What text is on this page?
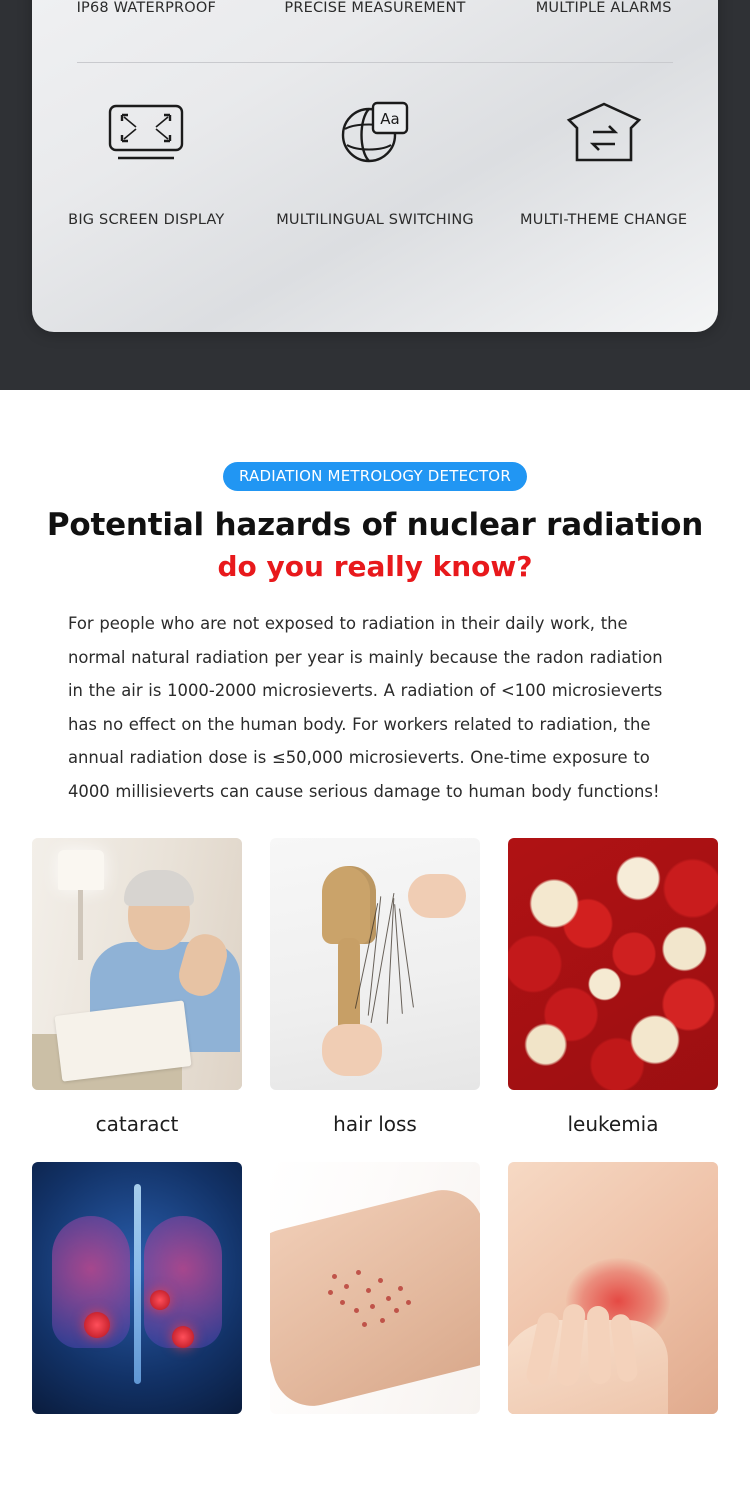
IP68 WATERPROOF	PRECISE MEASUREMENT	MULTIPLE ALARMS
Aa
BIG SCREEN DISPLAY	MULTILINGUAL SWITCHING	MULTI-THEME CHANGE
RADIATION METROLOGY DETECTOR
Potential hazards of nuclear radiation
do you really know?

For people who are not exposed to radiation in their daily work, the normal natural radiation per year is mainly because the radon radiation in the air is 1000-2000 microsieverts. A radiation of <100 microsieverts has no effect on the human body. For workers related to radiation, the annual radiation dose is ≤50,000 microsieverts. One-time exposure to 4000 millisieverts can cause serious damage to human body functions!

cataract	hair loss	leukemia
